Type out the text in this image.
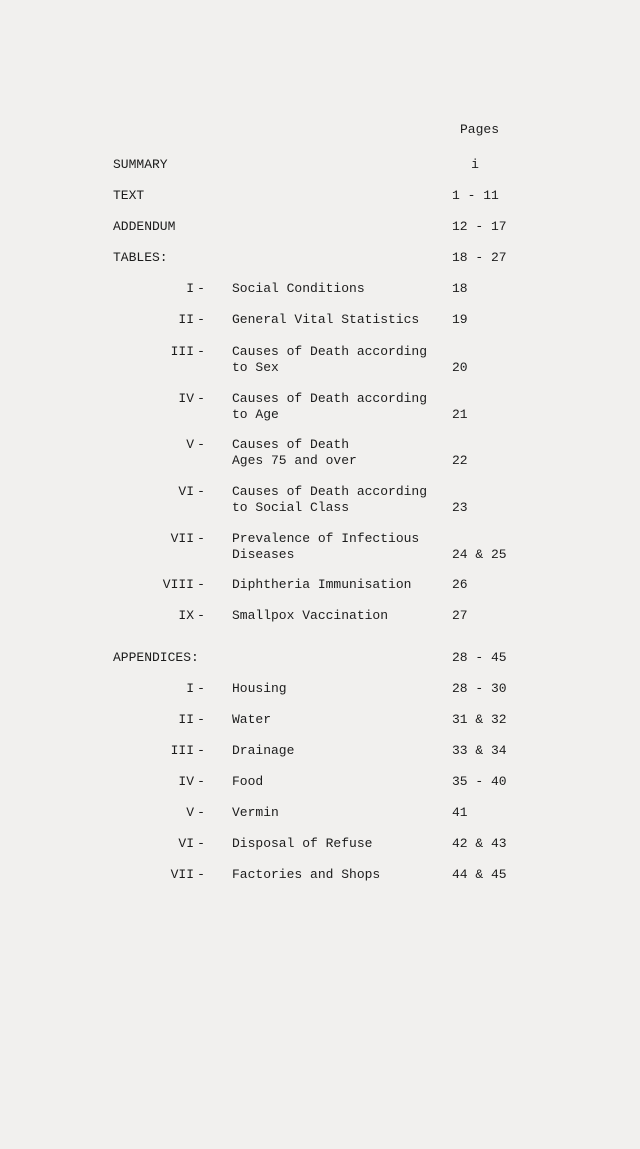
Pages
SUMMARY	i
TEXT	1 - 11
ADDENDUM	12 - 17
TABLES:	18 - 27
I - Social Conditions	18
II - General Vital Statistics	19
III - Causes of Death according
to Sex	20
IV - Causes of Death according
to Age	21
V - Causes of Death
Ages 75 and over	22
VI - Causes of Death according
to Social Class	23
VII - Prevalence of Infectious
Diseases	24 & 25
VIII - Diphtheria Immunisation	26
IX - Smallpox Vaccination	27
APPENDICES:	28 - 45
I - Housing	28 - 30
II - Water	31 & 32
III - Drainage	33 & 34
IV - Food	35 - 40
V - Vermin	41
VI - Disposal of Refuse	42 & 43
VII - Factories and Shops	44 & 45
